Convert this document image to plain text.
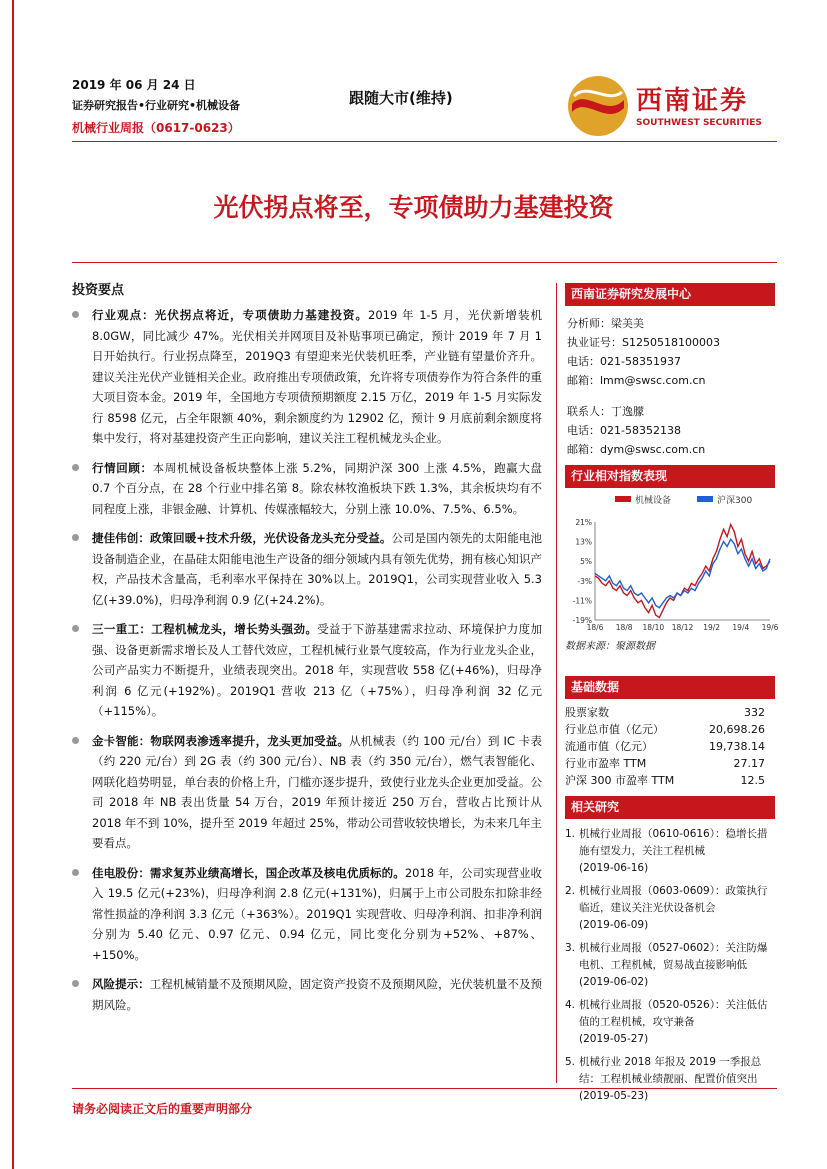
2019 年 06 月 24 日
证券研究报告•行业研究•机械设备
机械行业周报（0617-0623）
跟随大市(维持)	西南证券
SOUTHWEST SECURITIES
光伏拐点将至，专项债助力基建投资
投资要点
行业观点：光伏拐点将近，专项债助力基建投资。2019 年 1-5 月，光伏新增装机 8.0GW，同比减少 47%。光伏相关并网项目及补贴事项已确定，预计 2019 年 7 月 1 日开始执行。行业拐点降至，2019Q3 有望迎来光伏装机旺季，产业链有望量价齐升。建议关注光伏产业链相关企业。政府推出专项债政策，允许将专项债券作为符合条件的重大项目资本金。2019 年，全国地方专项债预期额度 2.15 万亿，2019 年 1-5 月实际发行 8598 亿元，占全年限额 40%，剩余额度约为 12902 亿，预计 9 月底前剩余额度将集中发行，将对基建投资产生正向影响，建议关注工程机械龙头企业。
行情回顾：本周机械设备板块整体上涨 5.2%，同期沪深 300 上涨 4.5%，跑赢大盘 0.7 个百分点，在 28 个行业中排名第 8。除农林牧渔板块下跌 1.3%，其余板块均有不同程度上涨，非银金融、计算机、传媒涨幅较大，分别上涨 10.0%、7.5%、6.5%。
捷佳伟创：政策回暖+技术升级，光伏设备龙头充分受益。公司是国内领先的太阳能电池设备制造企业，在晶硅太阳能电池生产设备的细分领域内具有领先优势，拥有核心知识产权，产品技术含量高，毛利率水平保持在 30%以上。2019Q1，公司实现营业收入 5.3 亿(+39.0%)，归母净利润 0.9 亿(+24.2%)。
三一重工：工程机械龙头，增长势头强劲。受益于下游基建需求拉动、环境保护力度加强、设备更新需求增长及人工替代效应，工程机械行业景气度较高，作为行业龙头企业，公司产品实力不断提升，业绩表现突出。2018 年，实现营收 558 亿(+46%)，归母净利润 6 亿元(+192%)。2019Q1 营收 213 亿（+75%），归母净利润 32 亿元（+115%）。
金卡智能：物联网表渗透率提升，龙头更加受益。从机械表（约 100 元/台）到 IC 卡表（约 220 元/台）到 2G 表（约 300 元/台）、NB 表（约 350 元/台），燃气表智能化、网联化趋势明显，单台表的价格上升，门槛亦逐步提升，致使行业龙头企业更加受益。公司 2018 年 NB 表出货量 54 万台，2019 年预计接近 250 万台，营收占比预计从 2018 年不到 10%，提升至 2019 年超过 25%，带动公司营收较快增长，为未来几年主要看点。
佳电股份：需求复苏业绩高增长，国企改革及核电优质标的。2018 年，公司实现营业收入 19.5 亿元(+23%)，归母净利润 2.8 亿元(+131%)，归属于上市公司股东扣除非经常性损益的净利润 3.3 亿元（+363%）。2019Q1 实现营收、归母净利润、扣非净利润分别为 5.40 亿元、0.97 亿元、0.94 亿元，同比变化分别为+52%、+87%、+150%。
风险提示：工程机械销量不及预期风险，固定资产投资不及预期风险，光伏装机量不及预期风险。
西南证券研究发展中心
分析师：梁美美
执业证号：S1250518100003
电话：021-58351937
邮箱：lmm@swsc.com.cn
联系人：丁逸朦
电话：021-58352138
邮箱：dym@swsc.com.cn
行业相对指数表现
机械设备	沪深300
21%
13%
5%
-3%
-11%
-19%
18/6 18/8 18/10 18/12 19/2 19/4 19/6
数据来源：聚源数据
基础数据
股票家数	332
行业总市值（亿元）	20,698.26
流通市值（亿元）	19,738.14
行业市盈率 TTM	27.17
沪深 300 市盈率 TTM	12.5
相关研究
1. 机械行业周报（0610-0616）：稳增长措施有望发力，关注工程机械
(2019-06-16)
2. 机械行业周报（0603-0609）：政策执行临近，建议关注光伏设备机会
(2019-06-09)
3. 机械行业周报（0527-0602）：关注防爆电机、工程机械，贸易战直接影响低
(2019-06-02)
4. 机械行业周报（0520-0526）：关注低估值的工程机械，攻守兼备
(2019-05-27)
5. 机械行业 2018 年报及 2019 一季报总结：工程机械业绩靓丽、配置价值突出
(2019-05-23)
请务必阅读正文后的重要声明部分
